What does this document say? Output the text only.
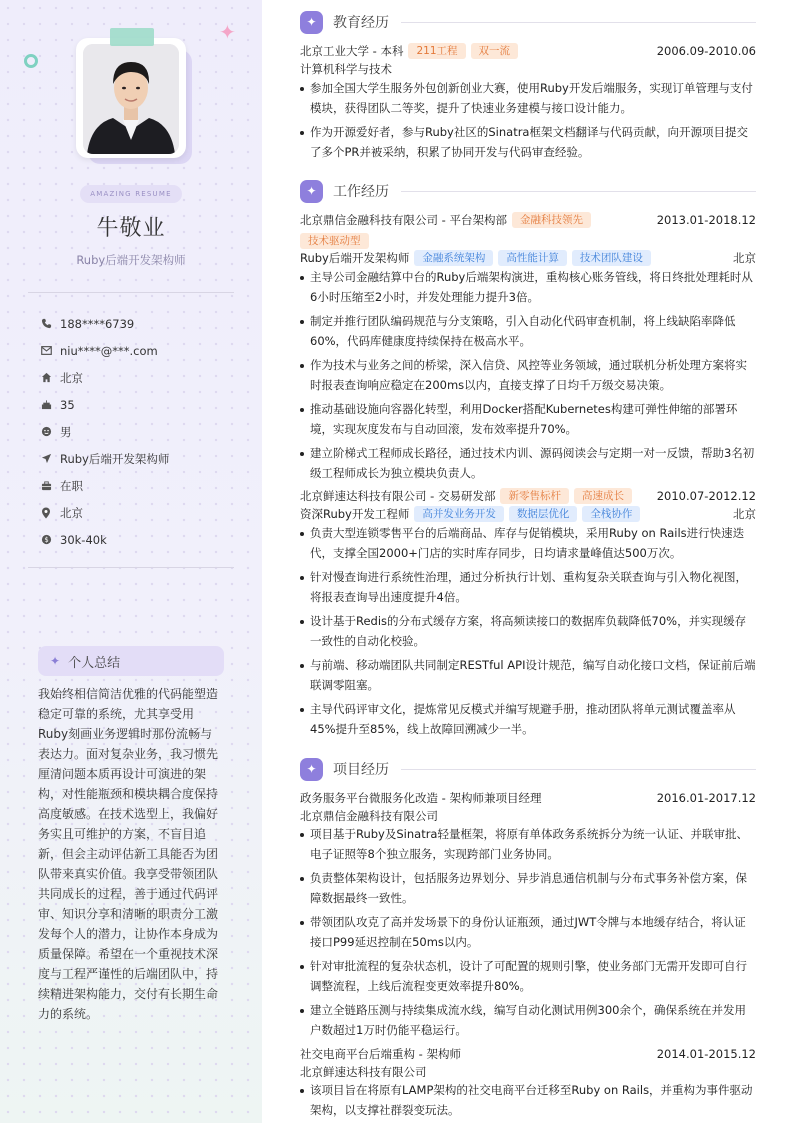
✦
AMAZING RESUME
牛敬业
Ruby后端开发架构师
188****6739
niu****@***.com
北京
35
男
Ruby后端开发架构师
在职
北京
$ 30k-40k
✦ 个人总结
我始终相信简洁优雅的代码能塑造稳定可靠的系统，尤其享受用Ruby刻画业务逻辑时那份流畅与表达力。面对复杂业务，我习惯先厘清问题本质再设计可演进的架构，对性能瓶颈和模块耦合度保持高度敏感。在技术选型上，我偏好务实且可维护的方案，不盲目追新，但会主动评估新工具能否为团队带来真实价值。我享受带领团队共同成长的过程，善于通过代码评审、知识分享和清晰的职责分工激发每个人的潜力，让协作本身成为质量保障。希望在一个重视技术深度与工程严谨性的后端团队中，持续精进架构能力，交付有长期生命力的系统。
✦	教育经历
北京工业大学 - 本科	211工程	双一流	2006.09-2010.06
计算机科学与技术
参加全国大学生服务外包创新创业大赛，使用Ruby开发后端服务，实现订单管理与支付模块，获得团队二等奖，提升了快速业务建模与接口设计能力。
作为开源爱好者，参与Ruby社区的Sinatra框架文档翻译与代码贡献，向开源项目提交了多个PR并被采纳，积累了协同开发与代码审查经验。
✦	工作经历
北京鼎信金融科技有限公司 - 平台架构部	金融科技领先	2013.01-2018.12
技术驱动型
Ruby后端开发架构师	金融系统架构	高性能计算	技术团队建设	北京
主导公司金融结算中台的Ruby后端架构演进，重构核心账务管线，将日终批处理耗时从6小时压缩至2小时，并发处理能力提升3倍。
制定并推行团队编码规范与分支策略，引入自动化代码审查机制，将上线缺陷率降低60%，代码库健康度持续保持在极高水平。
作为技术与业务之间的桥梁，深入信贷、风控等业务领域，通过联机分析处理方案将实时报表查询响应稳定在200ms以内，直接支撑了日均千万级交易决策。
推动基础设施向容器化转型，利用Docker搭配Kubernetes构建可弹性伸缩的部署环境，实现灰度发布与自动回滚，发布效率提升70%。
建立阶梯式工程师成长路径，通过技术内训、源码阅读会与定期一对一反馈，帮助3名初级工程师成长为独立模块负责人。
北京鲜速达科技有限公司 - 交易研发部	新零售标杆	高速成长	2010.07-2012.12
资深Ruby开发工程师	高并发业务开发	数据层优化	全栈协作	北京
负责大型连锁零售平台的后端商品、库存与促销模块，采用Ruby on Rails进行快速迭代，支撑全国2000+门店的实时库存同步，日均请求量峰值达500万次。
针对慢查询进行系统性治理，通过分析执行计划、重构复杂关联查询与引入物化视图，将报表查询导出速度提升4倍。
设计基于Redis的分布式缓存方案，将高频读接口的数据库负载降低70%，并实现缓存一致性的自动化校验。
与前端、移动端团队共同制定RESTful API设计规范，编写自动化接口文档，保证前后端联调零阻塞。
主导代码评审文化，提炼常见反模式并编写规避手册，推动团队将单元测试覆盖率从45%提升至85%，线上故障回溯减少一半。
✦	项目经历
政务服务平台微服务化改造 - 架构师兼项目经理	2016.01-2017.12
北京鼎信金融科技有限公司
项目基于Ruby及Sinatra轻量框架，将原有单体政务系统拆分为统一认证、并联审批、电子证照等8个独立服务，实现跨部门业务协同。
负责整体架构设计，包括服务边界划分、异步消息通信机制与分布式事务补偿方案，保障数据最终一致性。
带领团队攻克了高并发场景下的身份认证瓶颈，通过JWT令牌与本地缓存结合，将认证接口P99延迟控制在50ms以内。
针对审批流程的复杂状态机，设计了可配置的规则引擎，使业务部门无需开发即可自行调整流程，上线后流程变更效率提升80%。
建立全链路压测与持续集成流水线，编写自动化测试用例300余个，确保系统在并发用户数超过1万时仍能平稳运行。
社交电商平台后端重构 - 架构师	2014.01-2015.12
北京鲜速达科技有限公司
该项目旨在将原有LAMP架构的社交电商平台迁移至Ruby on Rails，并重构为事件驱动架构，以支撑社群裂变玩法。
